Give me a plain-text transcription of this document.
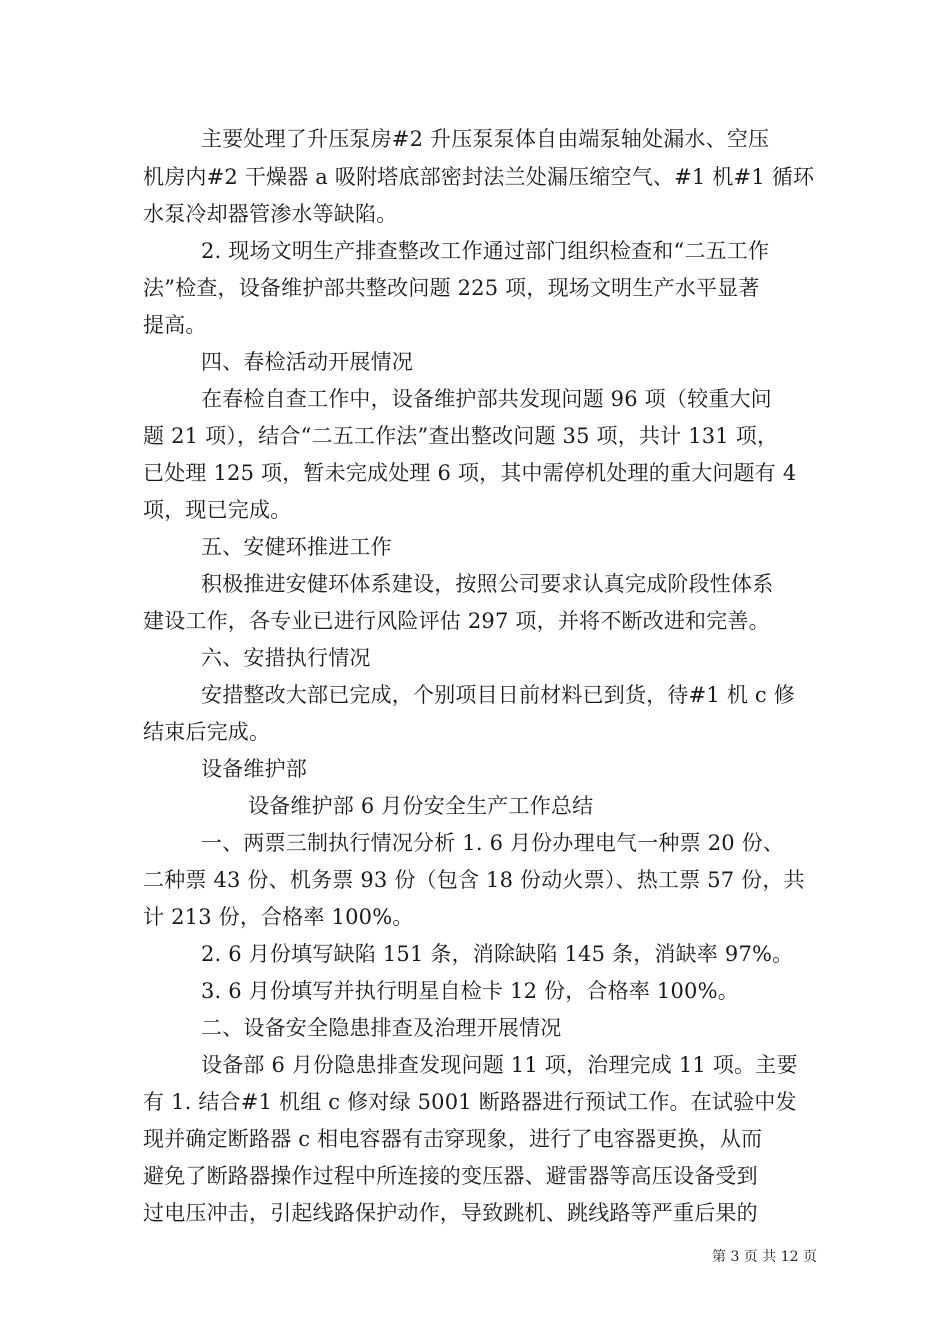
主要处理了升压泵房#2 升压泵泵体自由端泵轴处漏水、空压
机房内#2 干燥器 a 吸附塔底部密封法兰处漏压缩空气、#1 机#1 循环
水泵冷却器管渗水等缺陷。
2. 现场文明生产排查整改工作通过部门组织检查和“二五工作
法”检查，设备维护部共整改问题 225 项，现场文明生产水平显著
提高。
四、春检活动开展情况
在春检自查工作中，设备维护部共发现问题 96 项（较重大问
题 21 项），结合“二五工作法”查出整改问题 35 项，共计 131 项，
已处理 125 项，暂未完成处理 6 项，其中需停机处理的重大问题有 4
项，现已完成。
五、安健环推进工作
积极推进安健环体系建设，按照公司要求认真完成阶段性体系
建设工作，各专业已进行风险评估 297 项，并将不断改进和完善。
六、安措执行情况
安措整改大部已完成，个别项目日前材料已到货，待#1 机 c 修
结束后完成。
设备维护部
设备维护部 6 月份安全生产工作总结
一、两票三制执行情况分析 1. 6 月份办理电气一种票 20 份、
二种票 43 份、机务票 93 份（包含 18 份动火票）、热工票 57 份，共
计 213 份，合格率 100%。
2. 6 月份填写缺陷 151 条，消除缺陷 145 条，消缺率 97%。
3. 6 月份填写并执行明星自检卡 12 份，合格率 100%。
二、设备安全隐患排查及治理开展情况
设备部 6 月份隐患排查发现问题 11 项，治理完成 11 项。主要
有 1. 结合#1 机组 c 修对绿 5001 断路器进行预试工作。在试验中发
现并确定断路器 c 相电容器有击穿现象，进行了电容器更换，从而
避免了断路器操作过程中所连接的变压器、避雷器等高压设备受到
过电压冲击，引起线路保护动作，导致跳机、跳线路等严重后果的
第 3 页 共 12 页
